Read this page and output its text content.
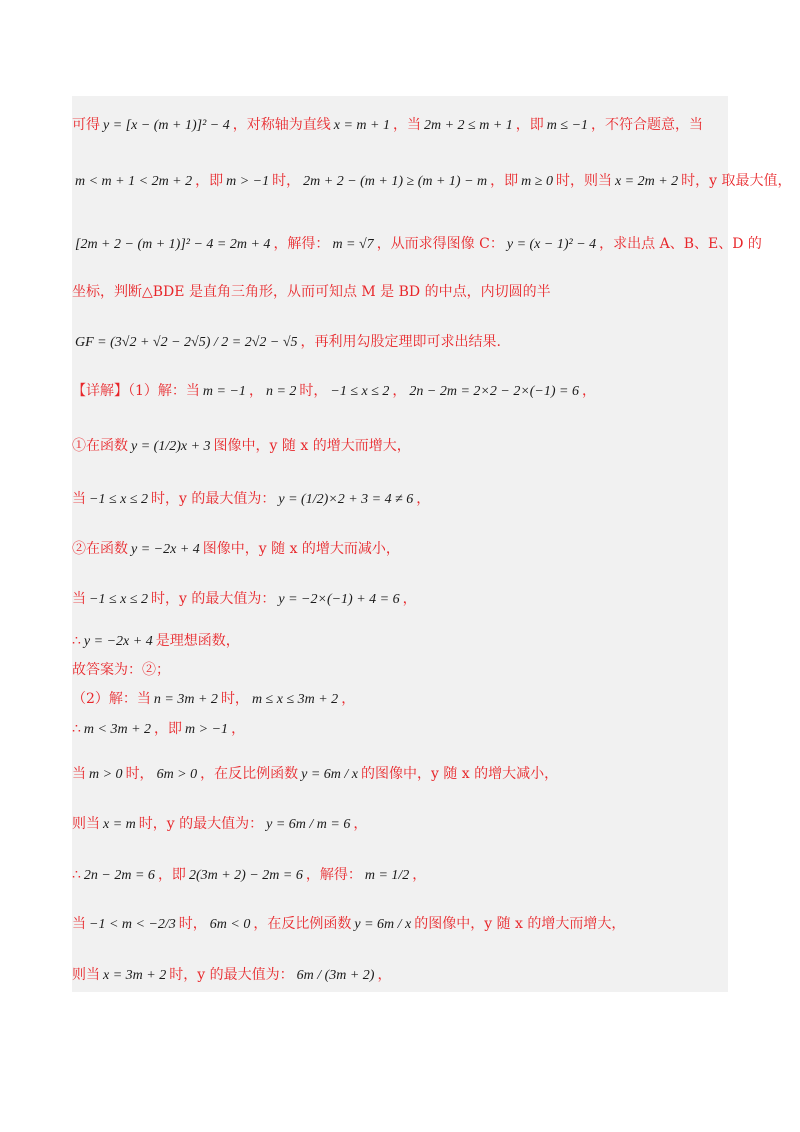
可得 y = [x − (m + 1)]² − 4 ，对称轴为直线 x = m + 1 ，当 2m + 2 ≤ m + 1 ，即 m ≤ −1 ，不符合题意，当
m < m + 1 < 2m + 2 ，即 m > −1 时， 2m + 2 − (m + 1) ≥ (m + 1) − m ，即 m ≥ 0 时，则当 x = 2m + 2 时，y 取最大值，
[2m + 2 − (m + 1)]² − 4 = 2m + 4 ，解得： m = √7 ，从而求得图像 C： y = (x − 1)² − 4 ，求出点 A、B、E、D 的
坐标，判断△BDE 是直角三角形，从而可知点 M 是 BD 的中点，内切圆的半
GF = (3√2 + √2 − 2√5) / 2 = 2√2 − √5 ，再利用勾股定理即可求出结果.
【详解】（1）解：当 m = −1 ， n = 2 时， −1 ≤ x ≤ 2 ， 2n − 2m = 2×2 − 2×(−1) = 6 ，
①在函数 y = (1/2)x + 3 图像中，y 随 x 的增大而增大，
当 −1 ≤ x ≤ 2 时，y 的最大值为： y = (1/2)×2 + 3 = 4 ≠ 6 ，
②在函数 y = −2x + 4 图像中，y 随 x 的增大而减小，
当 −1 ≤ x ≤ 2 时，y 的最大值为： y = −2×(−1) + 4 = 6 ，
∴ y = −2x + 4 是理想函数，
故答案为：②；
（2）解：当 n = 3m + 2 时， m ≤ x ≤ 3m + 2 ，
∴ m < 3m + 2 ，即 m > −1 ，
当 m > 0 时， 6m > 0 ，在反比例函数 y = 6m / x 的图像中，y 随 x 的增大减小，
则当 x = m 时，y 的最大值为： y = 6m / m = 6 ，
∴ 2n − 2m = 6 ，即 2(3m + 2) − 2m = 6 ，解得： m = 1/2 ，
当 −1 < m < −2/3 时， 6m < 0 ，在反比例函数 y = 6m / x 的图像中，y 随 x 的增大而增大，
则当 x = 3m + 2 时，y 的最大值为： 6m / (3m + 2) ，
